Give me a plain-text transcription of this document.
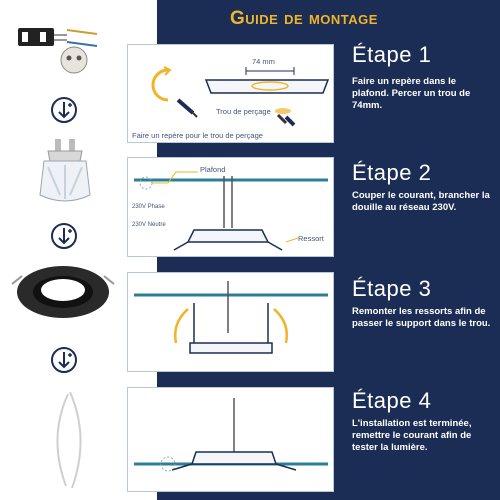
Guide de montage
74 mm
Trou de perçage
Faire un repère pour le trou de perçage
Plafond
230V Phase
230V Neutre
Ressort
Étape 1
Faire un repère dans le plafond. Percer un trou de 74mm.
Étape 2
Couper le courant, brancher la douille au réseau 230V.
Étape 3
Remonter les ressorts afin de passer le support dans le trou.
Étape 4
L'installation est terminée, remettre le courant afin de tester la lumière.
